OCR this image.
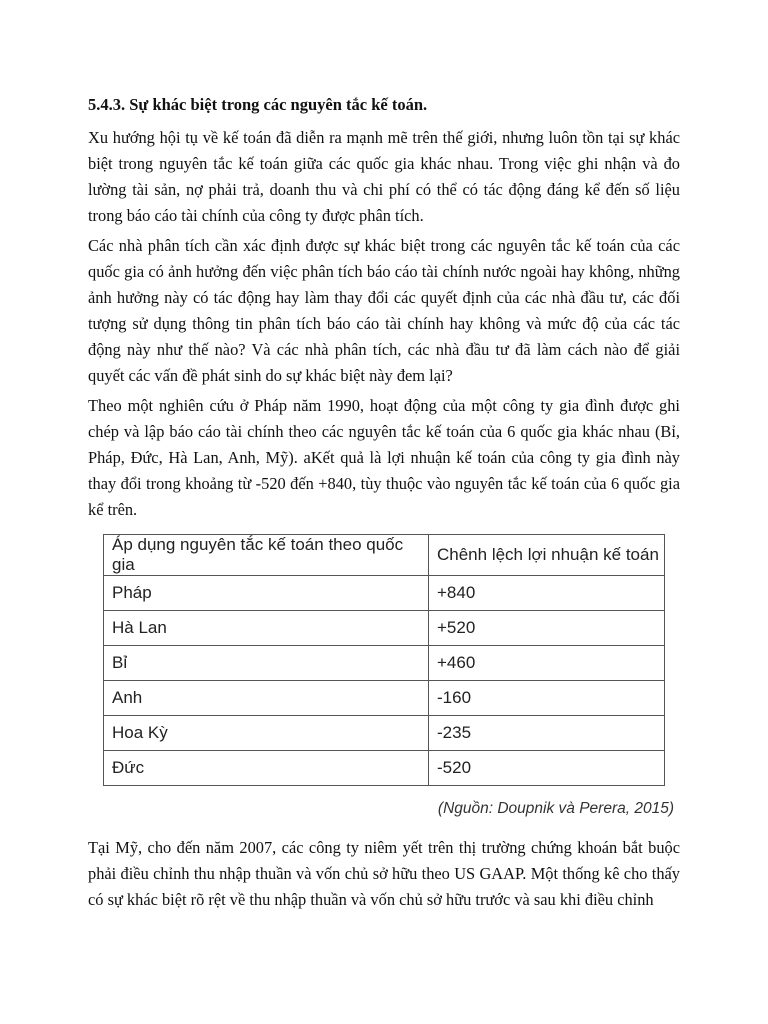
5.4.3. Sự khác biệt trong các nguyên tắc kế toán.

Xu hướng hội tụ về kế toán đã diễn ra mạnh mẽ trên thế giới, nhưng luôn tồn tại sự khác biệt trong nguyên tắc kế toán giữa các quốc gia khác nhau. Trong việc ghi nhận và đo lường tài sản, nợ phải trả, doanh thu và chi phí có thể có tác động đáng kể đến số liệu trong báo cáo tài chính của công ty được phân tích.

Các nhà phân tích cần xác định được sự khác biệt trong các nguyên tắc kế toán của các quốc gia có ảnh hưởng đến việc phân tích báo cáo tài chính nước ngoài hay không, những ảnh hưởng này có tác động hay làm thay đổi các quyết định của các nhà đầu tư, các đối tượng sử dụng thông tin phân tích báo cáo tài chính hay không và mức độ của các tác động này như thế nào? Và các nhà phân tích, các nhà đầu tư đã làm cách nào để giải quyết các vấn đề phát sinh do sự khác biệt này đem lại?

Theo một nghiên cứu ở Pháp năm 1990, hoạt động của một công ty gia đình được ghi chép và lập báo cáo tài chính theo các nguyên tắc kế toán của 6 quốc gia khác nhau (Bỉ, Pháp, Đức, Hà Lan, Anh, Mỹ). aKết quả là lợi nhuận kế toán của công ty gia đình này thay đổi trong khoảng từ -520 đến +840, tùy thuộc vào nguyên tắc kế toán của 6 quốc gia kể trên.

Áp dụng nguyên tắc kế toán theo quốc gia	Chênh lệch lợi nhuận kế toán
Pháp	+840
Hà Lan	+520
Bỉ	+460
Anh	-160
Hoa Kỳ	-235
Đức	-520

(Nguồn: Doupnik và Perera, 2015)

Tại Mỹ, cho đến năm 2007, các công ty niêm yết trên thị trường chứng khoán bắt buộc phải điều chỉnh thu nhập thuần và vốn chủ sở hữu theo US GAAP. Một thống kê cho thấy có sự khác biệt rõ rệt về thu nhập thuần và vốn chủ sở hữu trước và sau khi điều chỉnh
